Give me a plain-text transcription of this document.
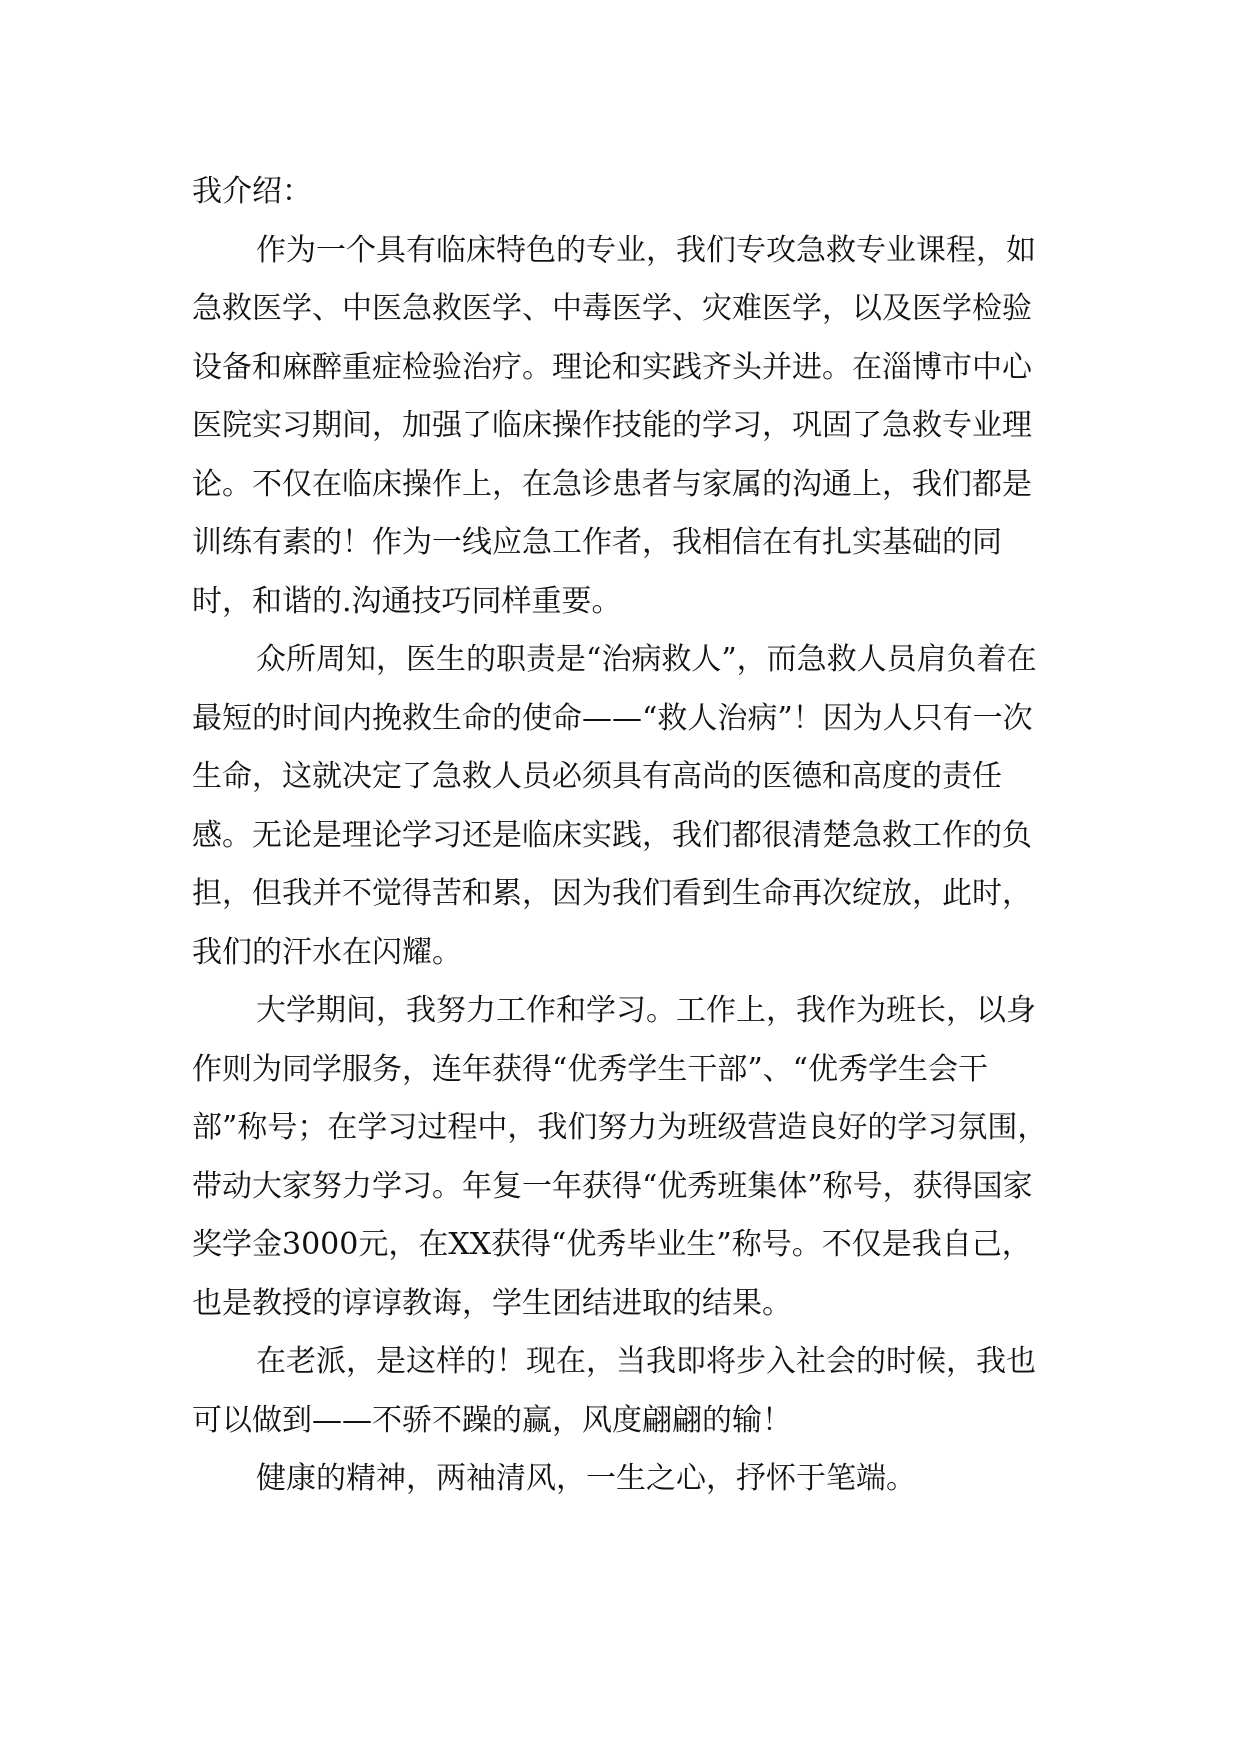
我介绍：

作为一个具有临床特色的专业，我们专攻急救专业课程，如急救医学、中医急救医学、中毒医学、灾难医学，以及医学检验设备和麻醉重症检验治疗。理论和实践齐头并进。在淄博市中心医院实习期间，加强了临床操作技能的学习，巩固了急救专业理论。不仅在临床操作上，在急诊患者与家属的沟通上，我们都是训练有素的！作为一线应急工作者，我相信在有扎实基础的同时，和谐的.沟通技巧同样重要。

众所周知，医生的职责是“治病救人”，而急救人员肩负着在最短的时间内挽救生命的使命——“救人治病”！因为人只有一次生命，这就决定了急救人员必须具有高尚的医德和高度的责任感。无论是理论学习还是临床实践，我们都很清楚急救工作的负担，但我并不觉得苦和累，因为我们看到生命再次绽放，此时，我们的汗水在闪耀。

大学期间，我努力工作和学习。工作上，我作为班长，以身作则为同学服务，连年获得“优秀学生干部”、“优秀学生会干部”称号；在学习过程中，我们努力为班级营造良好的学习氛围，带动大家努力学习。年复一年获得“优秀班集体”称号，获得国家奖学金3000元，在XX获得“优秀毕业生”称号。不仅是我自己，也是教授的谆谆教诲，学生团结进取的结果。

在老派，是这样的！现在，当我即将步入社会的时候，我也可以做到——不骄不躁的赢，风度翩翩的输！

健康的精神，两袖清风，一生之心，抒怀于笔端。
